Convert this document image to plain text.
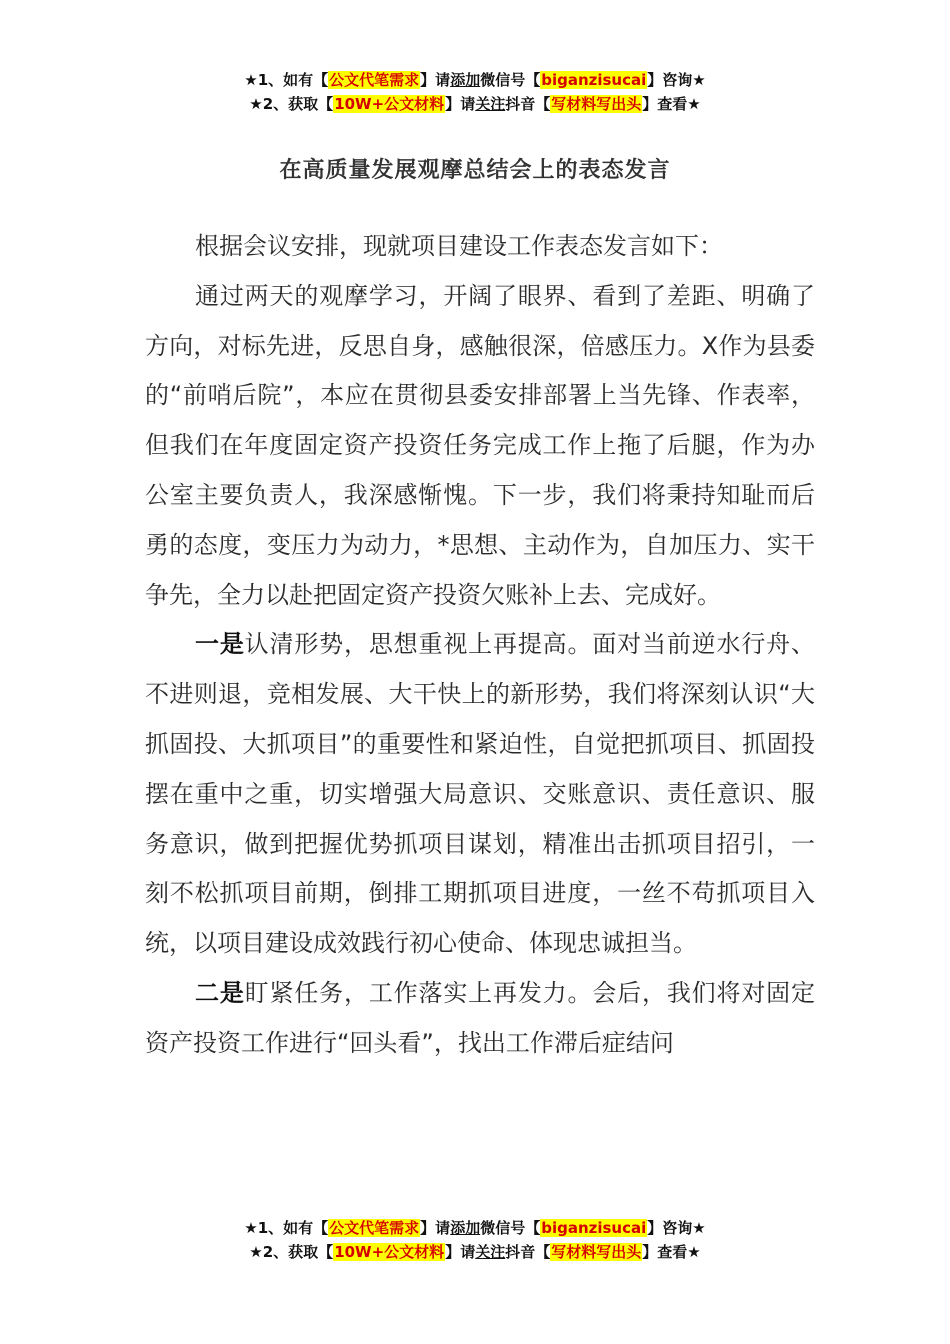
★1、如有【公文代笔需求】请添加微信号【biganzisucai】咨询★
★2、获取【10W+公文材料】请关注抖音【写材料写出头】查看★
在高质量发展观摩总结会上的表态发言

根据会议安排，现就项目建设工作表态发言如下：

通过两天的观摩学习，开阔了眼界、看到了差距、明确了方向，对标先进，反思自身，感触很深，倍感压力。X作为县委的“前哨后院”，本应在贯彻县委安排部署上当先锋、作表率，但我们在年度固定资产投资任务完成工作上拖了后腿，作为办公室主要负责人，我深感惭愧。下一步，我们将秉持知耻而后勇的态度，变压力为动力，*思想、主动作为，自加压力、实干争先，全力以赴把固定资产投资欠账补上去、完成好。

一是认清形势，思想重视上再提高。面对当前逆水行舟、不进则退，竞相发展、大干快上的新形势，我们将深刻认识“大抓固投、大抓项目”的重要性和紧迫性，自觉把抓项目、抓固投摆在重中之重，切实增强大局意识、交账意识、责任意识、服务意识，做到把握优势抓项目谋划，精准出击抓项目招引，一刻不松抓项目前期，倒排工期抓项目进度，一丝不苟抓项目入统，以项目建设成效践行初心使命、体现忠诚担当。

二是盯紧任务，工作落实上再发力。会后，我们将对固定资产投资工作进行“回头看”，找出工作滞后症结问

★1、如有【公文代笔需求】请添加微信号【biganzisucai】咨询★
★2、获取【10W+公文材料】请关注抖音【写材料写出头】查看★
